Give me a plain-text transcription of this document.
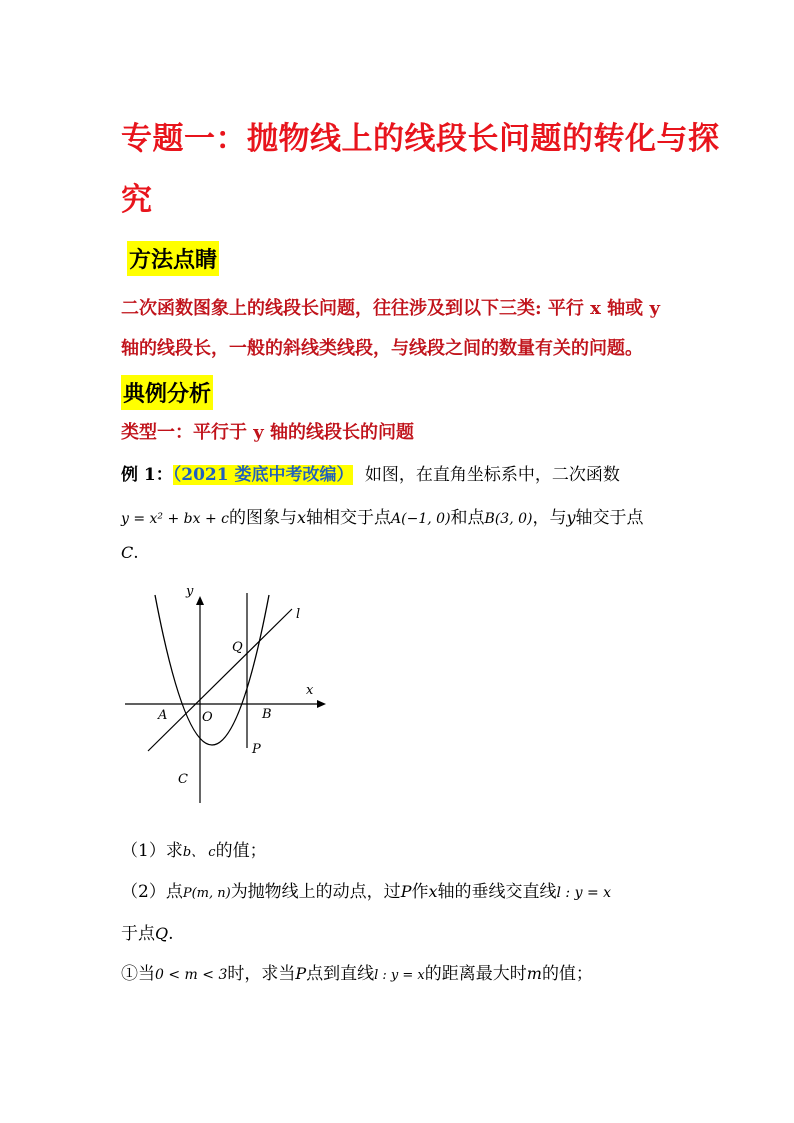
专题一：抛物线上的线段长问题的转化与探
究
方法点睛
二次函数图象上的线段长问题，往往涉及到以下三类: 平行 x 轴或 y
轴的线段长，一般的斜线类线段，与线段之间的数量有关的问题。
典例分析
类型一：平行于 y 轴的线段长的问题
例 1：（2021 娄底中考改编） 如图，在直角坐标系中，二次函数
y = x² + bx + c的图象与x轴相交于点A(−1, 0)和点B(3, 0)，与y轴交于点
C.
y
x
l
Q
A	O	B
P
C
（1）求b、 c的值；
（2）点P(m, n)为抛物线上的动点，过P作x轴的垂线交直线l : y = x
于点Q.
①当0 < m < 3时，求当P点到直线l : y = x的距离最大时m的值；
